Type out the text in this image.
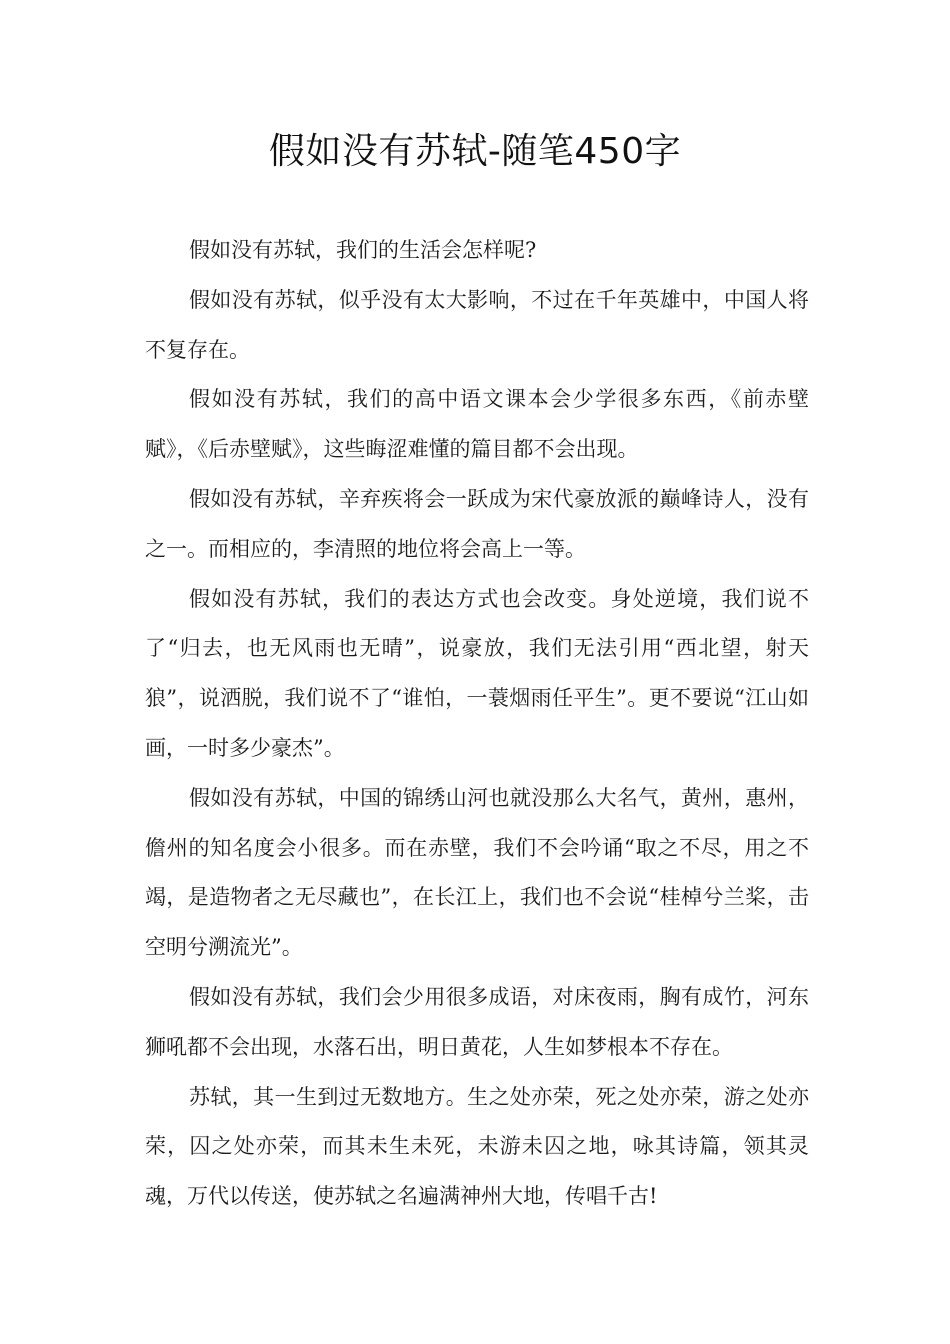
假如没有苏轼-随笔450字

假如没有苏轼，我们的生活会怎样呢?

假如没有苏轼，似乎没有太大影响，不过在千年英雄中，中国人将不复存在。

假如没有苏轼，我们的高中语文课本会少学很多东西，《前赤壁赋》，《后赤壁赋》，这些晦涩难懂的篇目都不会出现。

假如没有苏轼，辛弃疾将会一跃成为宋代豪放派的巅峰诗人，没有之一。而相应的，李清照的地位将会高上一等。

假如没有苏轼，我们的表达方式也会改变。身处逆境，我们说不了“归去，也无风雨也无晴”，说豪放，我们无法引用“西北望，射天狼”，说洒脱，我们说不了“谁怕，一蓑烟雨任平生”。更不要说“江山如画，一时多少豪杰”。

假如没有苏轼，中国的锦绣山河也就没那么大名气，黄州，惠州，儋州的知名度会小很多。而在赤壁，我们不会吟诵“取之不尽，用之不竭，是造物者之无尽藏也”，在长江上，我们也不会说“桂棹兮兰桨，击空明兮溯流光”。

假如没有苏轼，我们会少用很多成语，对床夜雨，胸有成竹，河东狮吼都不会出现，水落石出，明日黄花，人生如梦根本不存在。

苏轼，其一生到过无数地方。生之处亦荣，死之处亦荣，游之处亦荣，囚之处亦荣，而其未生未死，未游未囚之地，咏其诗篇，领其灵魂，万代以传送，使苏轼之名遍满神州大地，传唱千古!
